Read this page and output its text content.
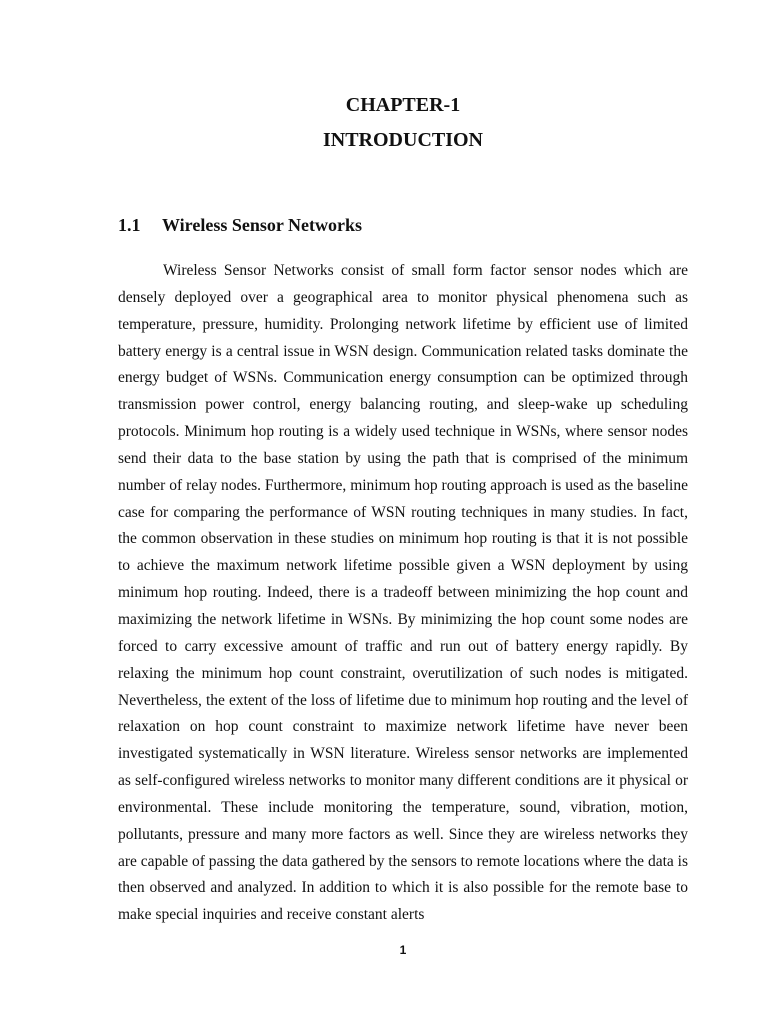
CHAPTER-1
INTRODUCTION
1.1 Wireless Sensor Networks

Wireless Sensor Networks consist of small form factor sensor nodes which are densely deployed over a geographical area to monitor physical phenomena such as temperature, pressure, humidity. Prolonging network lifetime by efficient use of limited battery energy is a central issue in WSN design. Communication related tasks dominate the energy budget of WSNs. Communication energy consumption can be optimized through transmission power control, energy balancing routing, and sleep-wake up scheduling protocols. Minimum hop routing is a widely used technique in WSNs, where sensor nodes send their data to the base station by using the path that is comprised of the minimum number of relay nodes. Furthermore, minimum hop routing approach is used as the baseline case for comparing the performance of WSN routing techniques in many studies. In fact, the common observation in these studies on minimum hop routing is that it is not possible to achieve the maximum network lifetime possible given a WSN deployment by using minimum hop routing. Indeed, there is a tradeoff between minimizing the hop count and maximizing the network lifetime in WSNs. By minimizing the hop count some nodes are forced to carry excessive amount of traffic and run out of battery energy rapidly. By relaxing the minimum hop count constraint, overutilization of such nodes is mitigated. Nevertheless, the extent of the loss of lifetime due to minimum hop routing and the level of relaxation on hop count constraint to maximize network lifetime have never been investigated systematically in WSN literature. Wireless sensor networks are implemented as self-configured wireless networks to monitor many different conditions are it physical or environmental. These include monitoring the temperature, sound, vibration, motion, pollutants, pressure and many more factors as well. Since they are wireless networks they are capable of passing the data gathered by the sensors to remote locations where the data is then observed and analyzed. In addition to which it is also possible for the remote base to make special inquiries and receive constant alerts

1
